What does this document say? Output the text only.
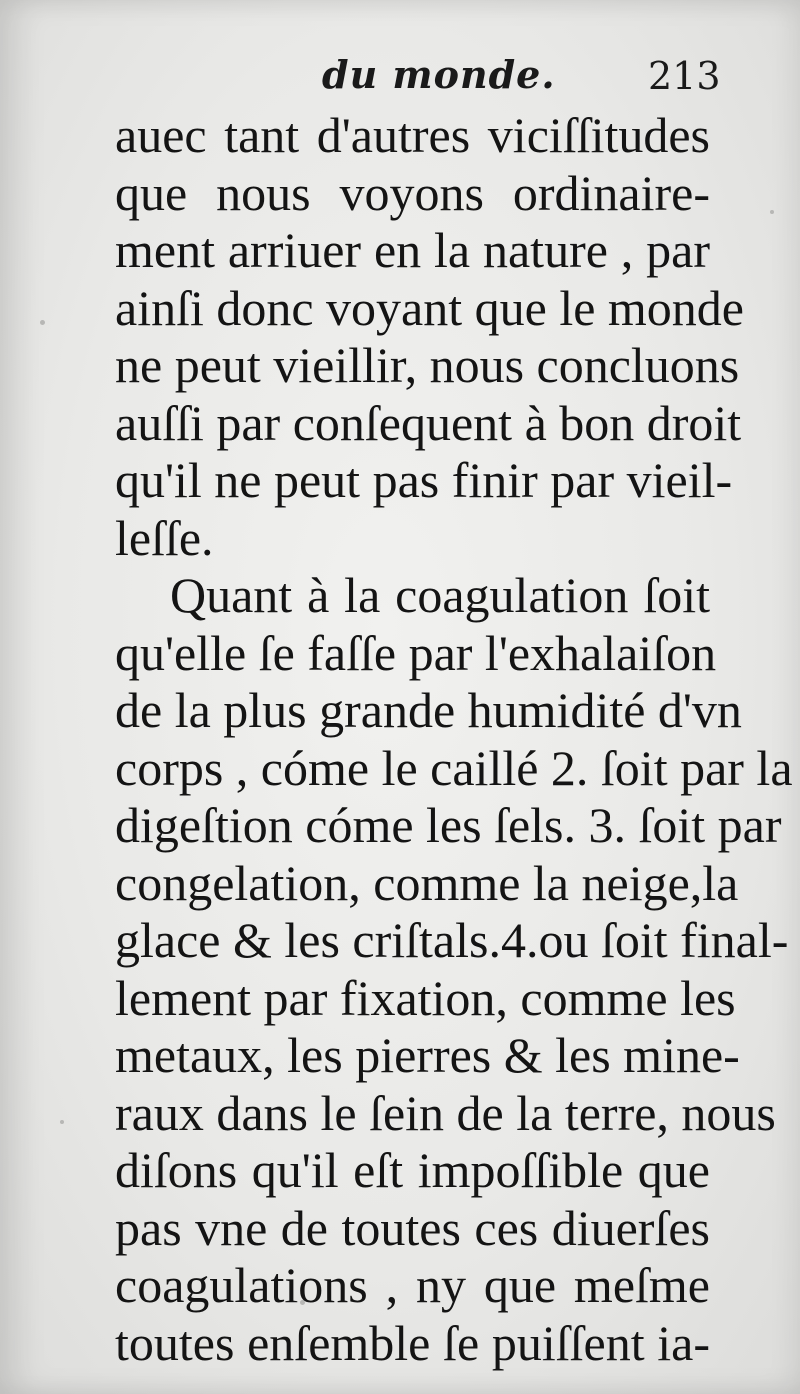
du monde. 213
auec tant d'autres viciſſitudes
que nous voyons ordinaire-
ment arriuer en la nature , par
ainſi donc voyant que le monde
ne peut vieillir, nous concluons
auſſi par conſequent à bon droit
qu'il ne peut pas finir par vieil-
leſſe.
Quant à la coagulation ſoit
qu'elle ſe faſſe par l'exhalaiſon
de la plus grande humidité d'vn
corps , cóme le caillé 2. ſoit par la
digeſtion cóme les ſels. 3. ſoit par
congelation, comme la neige,la
glace & les criſtals.4.ou ſoit final-
lement par fixation, comme les
metaux, les pierres & les mine-
raux dans le ſein de la terre, nous
diſons qu'il eſt impoſſible que
pas vne de toutes ces diuerſes
coagulations , ny que meſme
toutes enſemble ſe puiſſent ia-
